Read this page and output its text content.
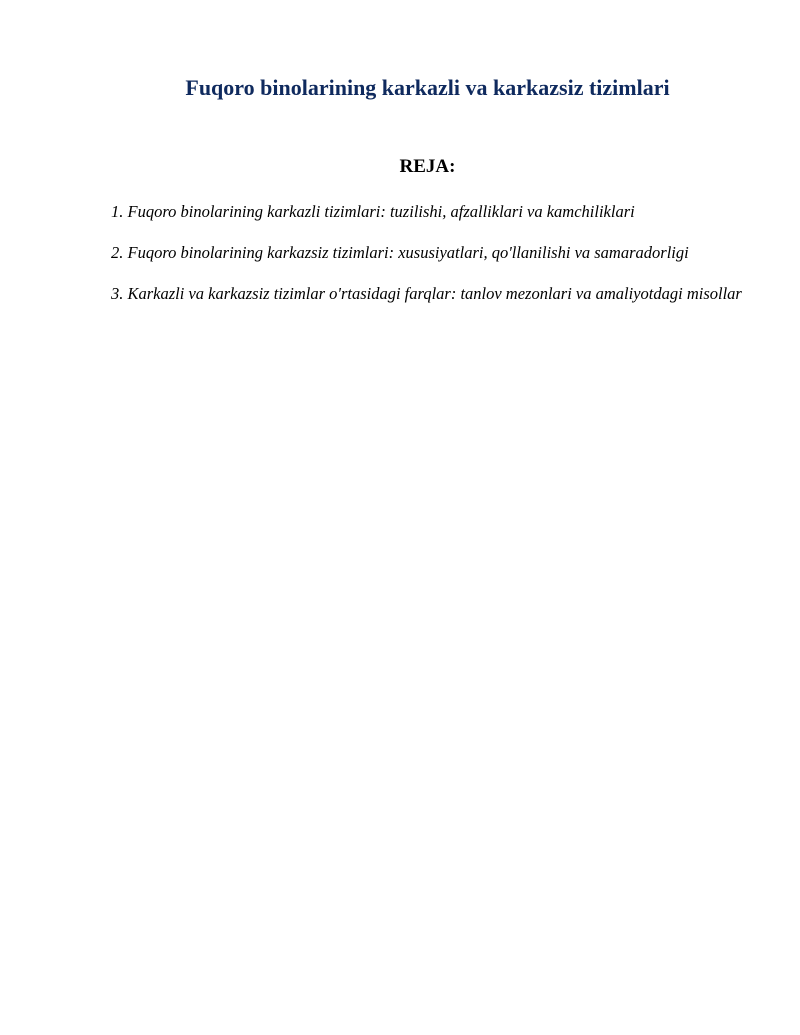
Fuqoro binolarining karkazli va karkazsiz tizimlari
REJA:
1. Fuqoro binolarining karkazli tizimlari: tuzilishi, afzalliklari va kamchiliklari
2. Fuqoro binolarining karkazsiz tizimlari: xususiyatlari, qo'llanilishi va samaradorligi
3. Karkazli va karkazsiz tizimlar o'rtasidagi farqlar: tanlov mezonlari va amaliyotdagi misollar
